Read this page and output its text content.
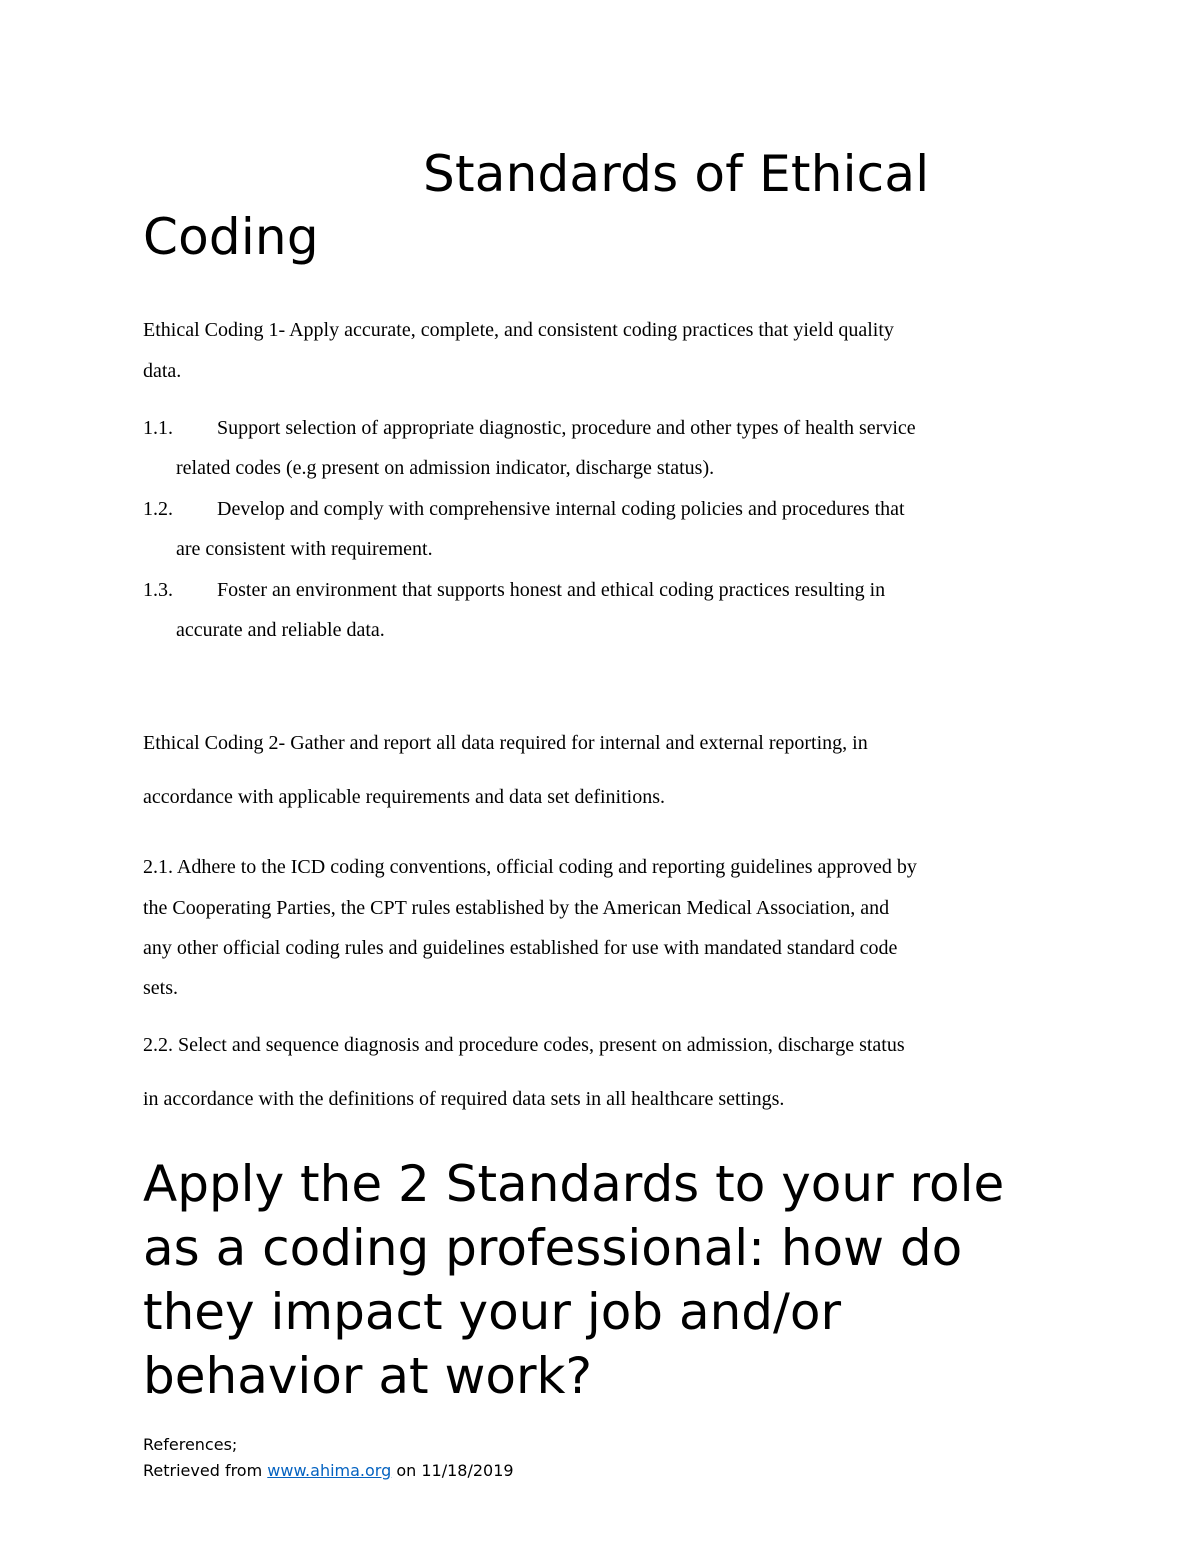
Standards of Ethical
Coding
Ethical Coding 1- Apply accurate, complete, and consistent coding practices that yield quality
data.
1.1. Support selection of appropriate diagnostic, procedure and other types of health service
related codes (e.g present on admission indicator, discharge status).
1.2. Develop and comply with comprehensive internal coding policies and procedures that
are consistent with requirement.
1.3. Foster an environment that supports honest and ethical coding practices resulting in
accurate and reliable data.
Ethical Coding 2- Gather and report all data required for internal and external reporting, in
accordance with applicable requirements and data set definitions.
2.1. Adhere to the ICD coding conventions, official coding and reporting guidelines approved by
the Cooperating Parties, the CPT rules established by the American Medical Association, and
any other official coding rules and guidelines established for use with mandated standard code
sets.
2.2. Select and sequence diagnosis and procedure codes, present on admission, discharge status
in accordance with the definitions of required data sets in all healthcare settings.
Apply the 2 Standards to your role
as a coding professional: how do
they impact your job and/or
behavior at work?
References;
Retrieved from www.ahima.org on 11/18/2019
